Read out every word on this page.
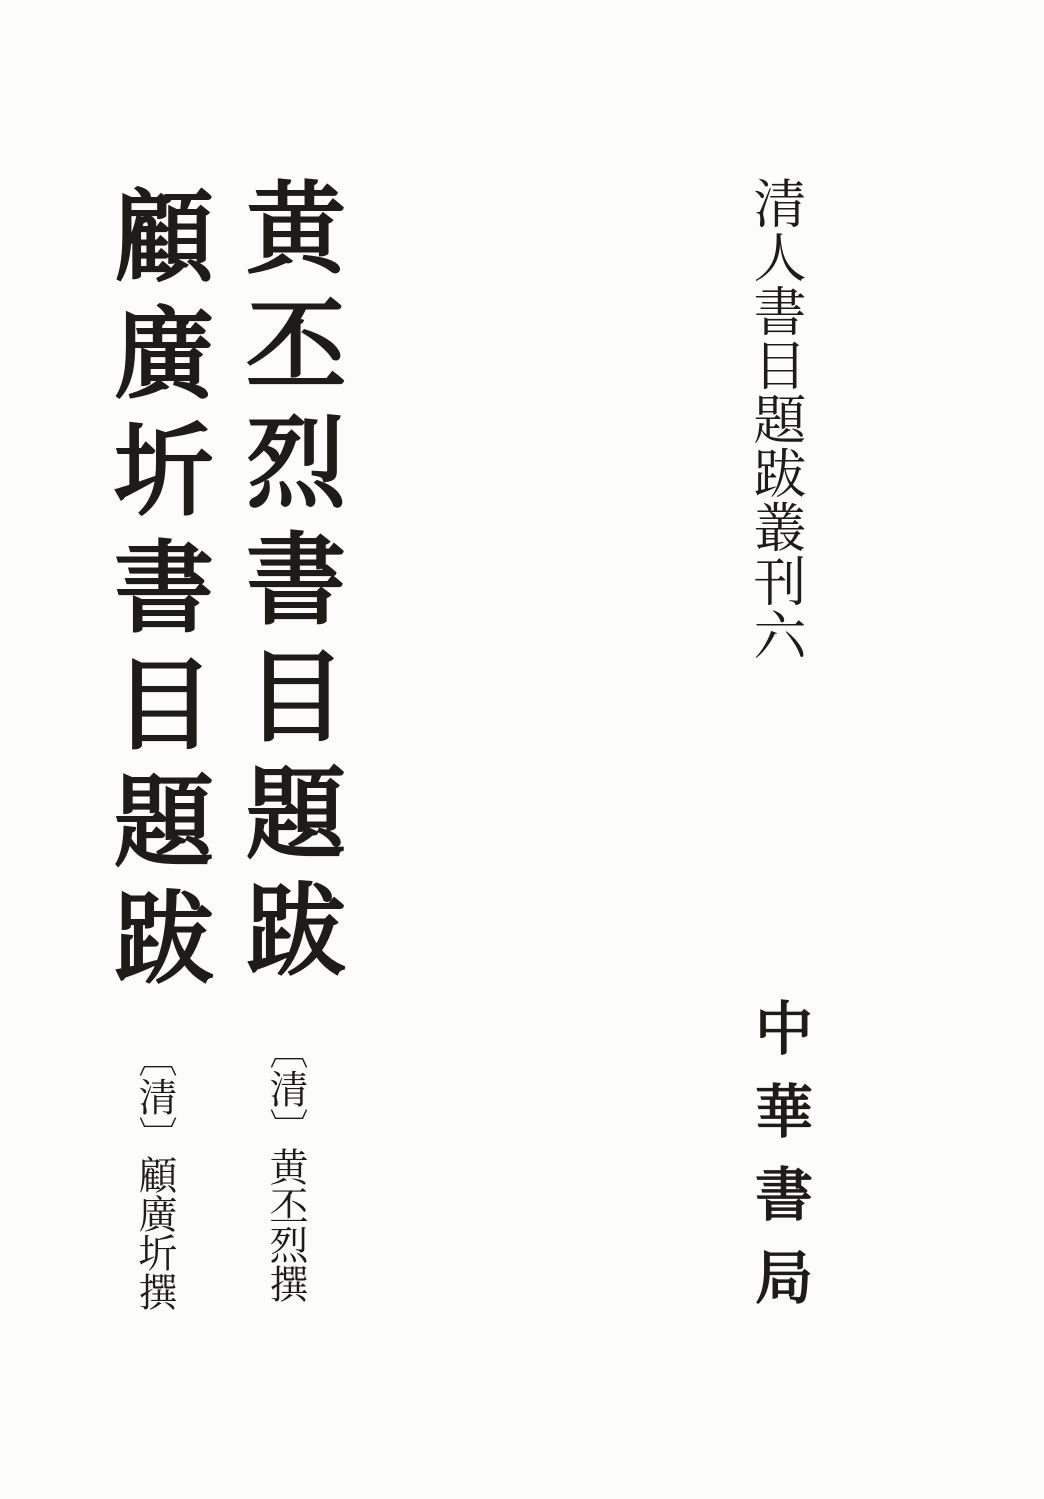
清人書目題跋叢刊六
黄丕烈書目題跋
顧廣圻書目題跋
〔清〕黄丕烈撰
〔清〕顧廣圻撰	中華書局
